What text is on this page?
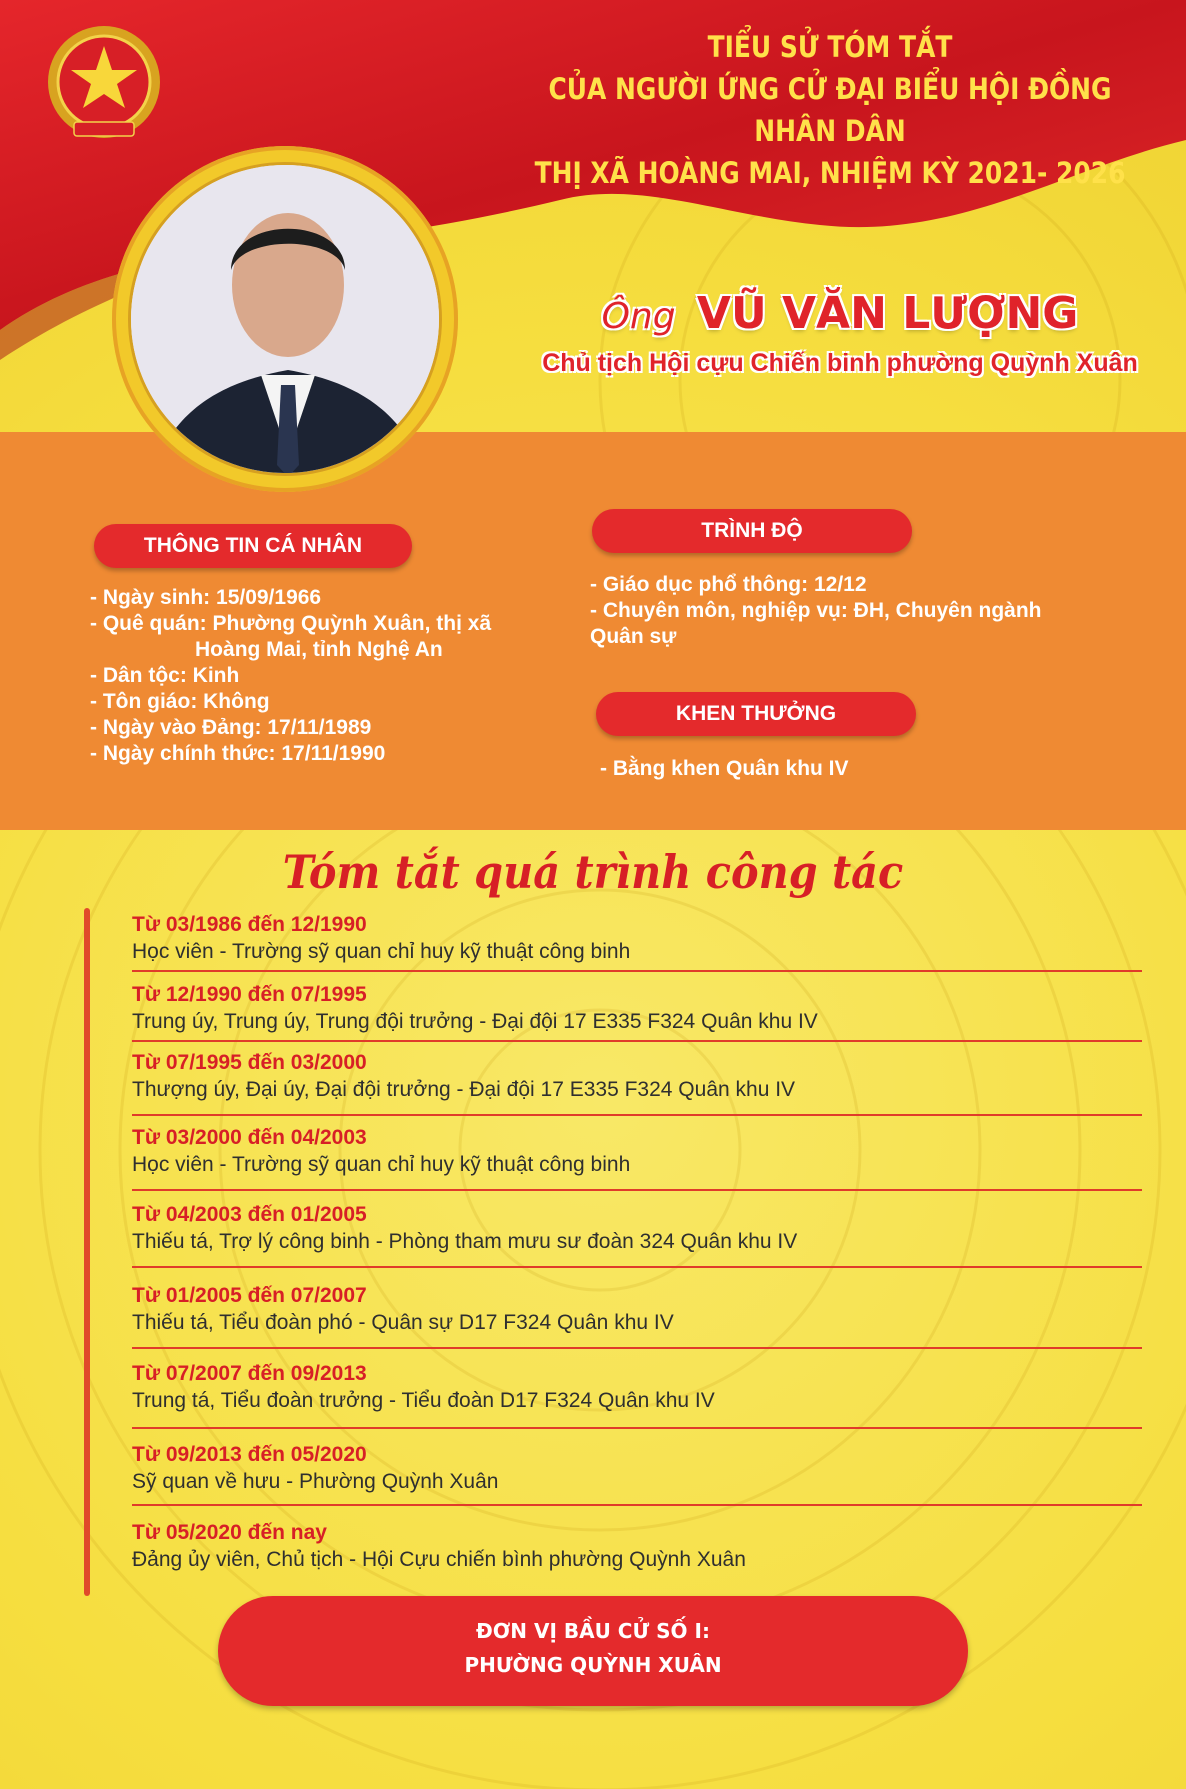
TIỂU SỬ TÓM TẮT
CỦA NGƯỜI ỨNG CỬ ĐẠI BIỂU HỘI ĐỒNG NHÂN DÂN
THỊ XÃ HOÀNG MAI, NHIỆM KỲ 2021- 2026
Ông VŨ VĂN LƯỢNG
Chủ tịch Hội cựu Chiến binh phường Quỳnh Xuân
THÔNG TIN CÁ NHÂN
- Ngày sinh: 15/09/1966
- Quê quán: Phường Quỳnh Xuân, thị xã
Hoàng Mai, tỉnh Nghệ An
- Dân tộc: Kinh
- Tôn giáo: Không
- Ngày vào Đảng: 17/11/1989
- Ngày chính thức: 17/11/1990
TRÌNH ĐỘ
- Giáo dục phổ thông: 12/12
- Chuyên môn, nghiệp vụ: ĐH, Chuyên ngành
Quân sự
KHEN THƯỞNG
- Bằng khen Quân khu IV
Tóm tắt quá trình công tác
Từ 03/1986 đến 12/1990
Học viên - Trường sỹ quan chỉ huy kỹ thuật công binh
Từ 12/1990 đến 07/1995
Trung úy, Trung úy, Trung đội trưởng - Đại đội 17 E335 F324 Quân khu IV
Từ 07/1995 đến 03/2000
Thượng úy, Đại úy, Đại đội trưởng - Đại đội 17 E335 F324 Quân khu IV
Từ 03/2000 đến 04/2003
Học viên - Trường sỹ quan chỉ huy kỹ thuật công binh
Từ 04/2003 đến 01/2005
Thiếu tá, Trợ lý công binh - Phòng tham mưu sư đoàn 324 Quân khu IV
Từ 01/2005 đến 07/2007
Thiếu tá, Tiểu đoàn phó - Quân sự D17 F324 Quân khu IV
Từ 07/2007 đến 09/2013
Trung tá, Tiểu đoàn trưởng - Tiểu đoàn D17 F324 Quân khu IV
Từ 09/2013 đến 05/2020
Sỹ quan về hưu - Phường Quỳnh Xuân
Từ 05/2020 đến nay
Đảng ủy viên, Chủ tịch - Hội Cựu chiến bình phường Quỳnh Xuân
ĐƠN VỊ BẦU CỬ SỐ I:
PHƯỜNG QUỲNH XUÂN
